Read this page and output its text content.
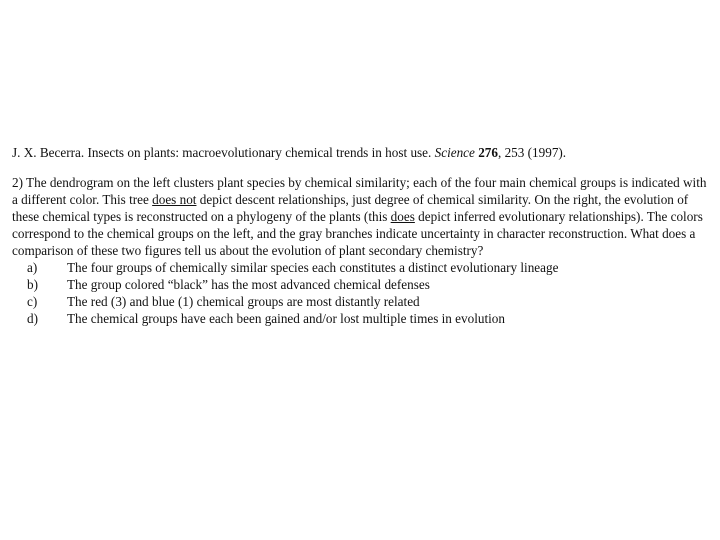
J. X. Becerra. Insects on plants: macroevolutionary chemical trends in host use. Science 276, 253 (1997).

2) The dendrogram on the left clusters plant species by chemical similarity; each of the four main chemical groups is indicated with a different color. This tree does not depict descent relationships, just degree of chemical similarity. On the right, the evolution of these chemical types is reconstructed on a phylogeny of the plants (this does depict inferred evolutionary relationships). The colors correspond to the chemical groups on the left, and the gray branches indicate uncertainty in character reconstruction. What does a comparison of these two figures tell us about the evolution of plant secondary chemistry?

a)	The four groups of chemically similar species each constitutes a distinct evolutionary lineage
b)	The group colored “black” has the most advanced chemical defenses
c)	The red (3) and blue (1) chemical groups are most distantly related
d)	The chemical groups have each been gained and/or lost multiple times in evolution
